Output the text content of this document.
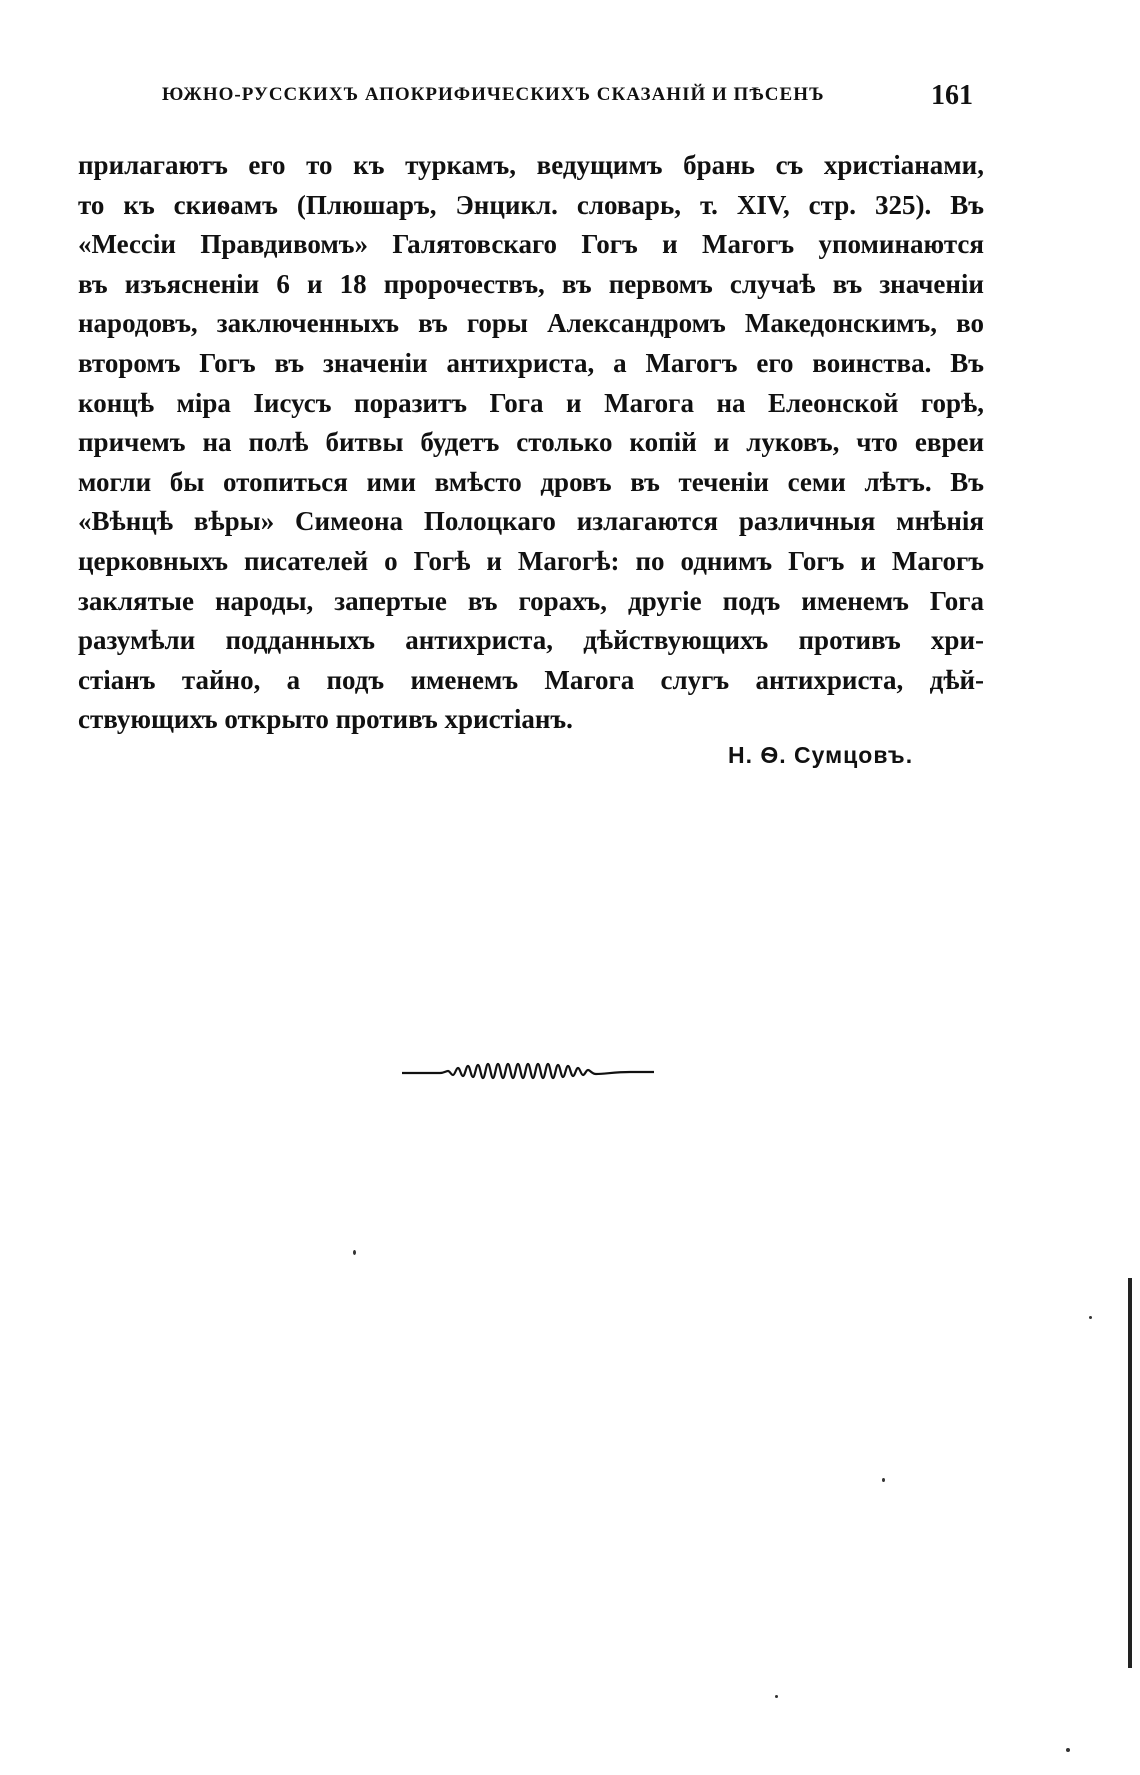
ЮЖНО-РУССКИХЪ АПОКРИФИЧЕСКИХЪ СКАЗАНІЙ И ПѢСЕНЪ	161
прилагаютъ его то къ туркамъ, ведущимъ брань съ христіанами,
то къ скиѳамъ (Плюшаръ, Энцикл. словарь, т. XIV, стр. 325). Въ
«Мессіи Правдивомъ» Галятовскаго Гогъ и Магогъ упоминаются
въ изъясненіи 6 и 18 пророчествъ, въ первомъ случаѣ въ значеніи
народовъ, заключенныхъ въ горы Александромъ Македонскимъ, во
второмъ Гогъ въ значеніи антихриста, а Магогъ его воинства. Въ
концѣ міра Іисусъ поразитъ Гога и Магога на Елеонской горѣ,
причемъ на полѣ битвы будетъ столько копій и луковъ, что евреи
могли бы отопиться ими вмѣсто дровъ въ теченіи семи лѣтъ. Въ
«Вѣнцѣ вѣры» Симеона Полоцкаго излагаются различныя мнѣнія
церковныхъ писателей о Гогѣ и Магогѣ: по однимъ Гогъ и Магогъ
заклятые народы, запертые въ горахъ, другіе подъ именемъ Гога
разумѣли подданныхъ антихриста, дѣйствующихъ противъ хри-
стіанъ тайно, а подъ именемъ Магога слугъ антихриста, дѣй-
ствующихъ открыто противъ христіанъ.
Н. Ѳ. Сумцовъ.
